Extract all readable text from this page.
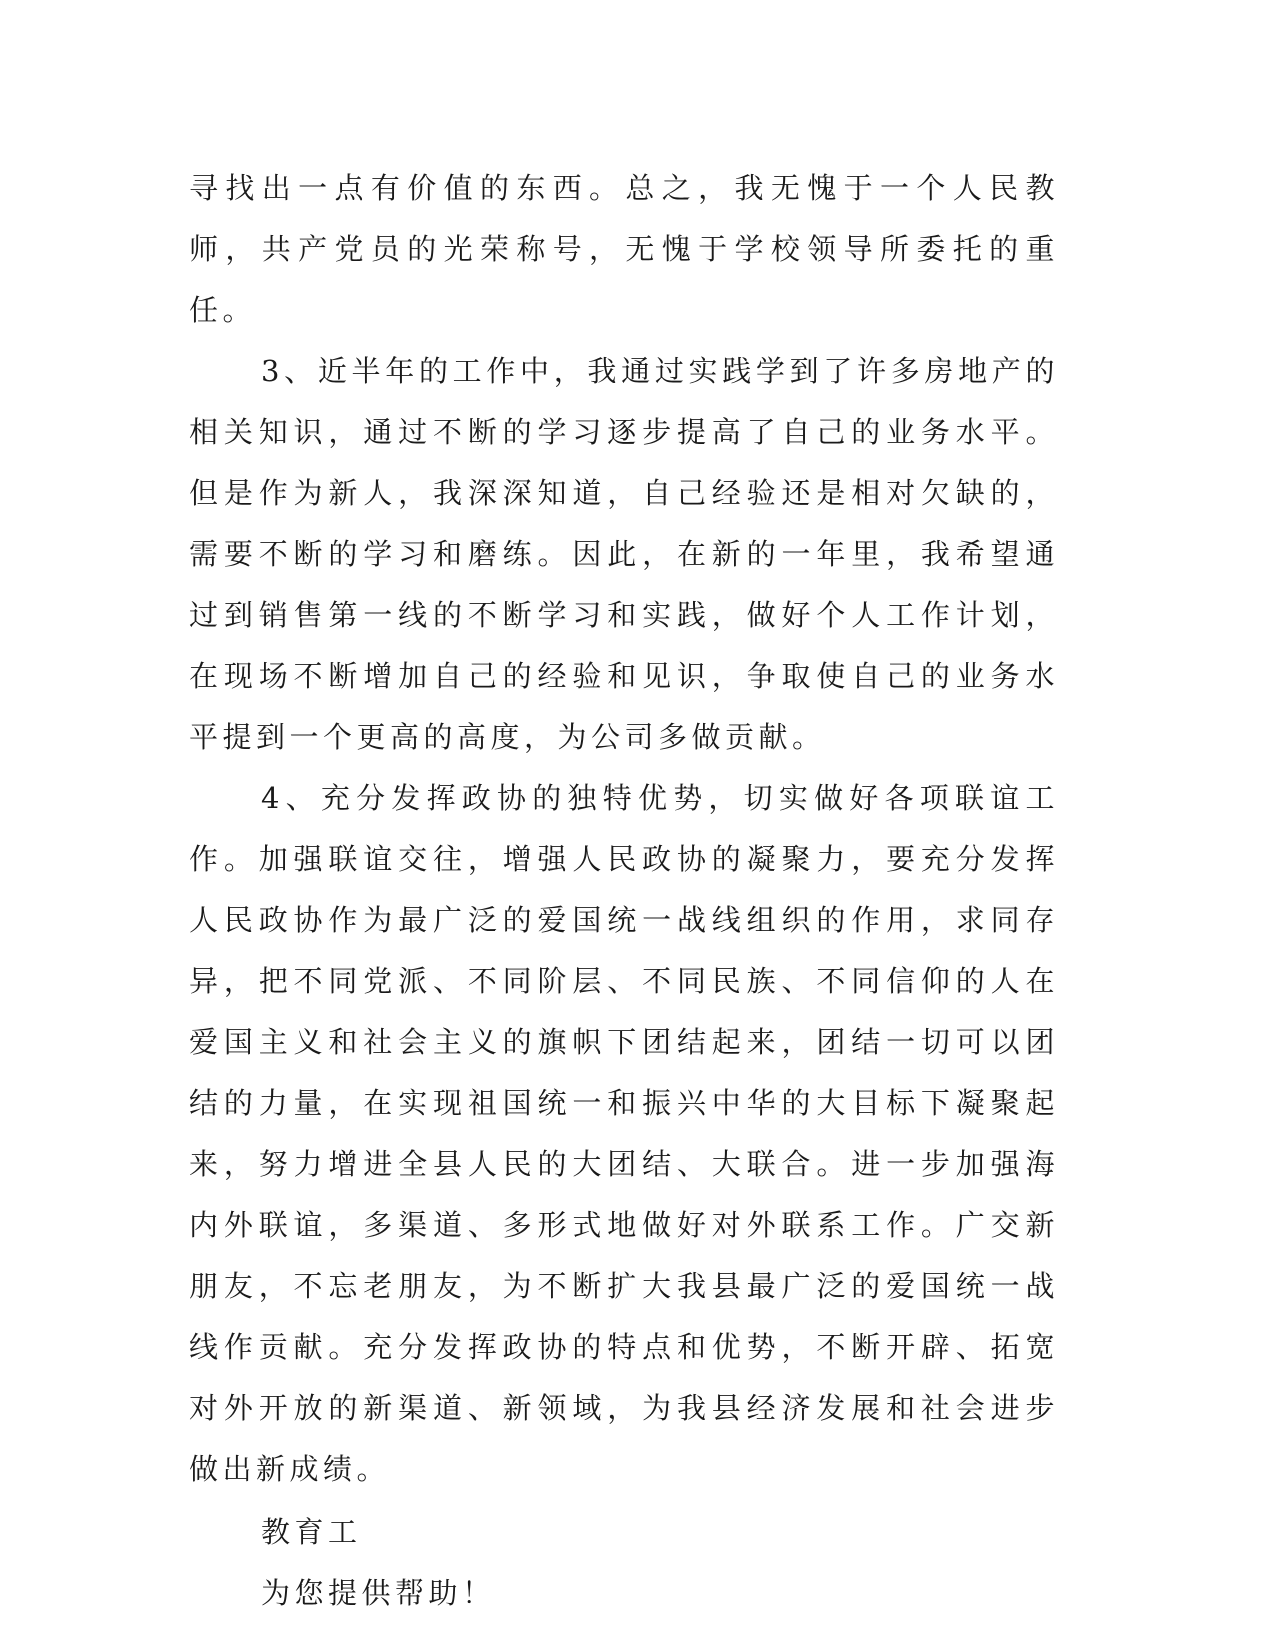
寻找出一点有价值的东西。总之，我无愧于一个人民教师，共产党员的光荣称号，无愧于学校领导所委托的重任。

3、近半年的工作中，我通过实践学到了许多房地产的相关知识，通过不断的学习逐步提高了自己的业务水平。但是作为新人，我深深知道，自己经验还是相对欠缺的，需要不断的学习和磨练。因此，在新的一年里，我希望通过到销售第一线的不断学习和实践，做好个人工作计划，在现场不断增加自己的经验和见识，争取使自己的业务水平提到一个更高的高度，为公司多做贡献。

4、充分发挥政协的独特优势，切实做好各项联谊工作。加强联谊交往，增强人民政协的凝聚力，要充分发挥人民政协作为最广泛的爱国统一战线组织的作用，求同存异，把不同党派、不同阶层、不同民族、不同信仰的人在爱国主义和社会主义的旗帜下团结起来，团结一切可以团结的力量，在实现祖国统一和振兴中华的大目标下凝聚起来，努力增进全县人民的大团结、大联合。进一步加强海内外联谊，多渠道、多形式地做好对外联系工作。广交新朋友，不忘老朋友，为不断扩大我县最广泛的爱国统一战线作贡献。充分发挥政协的特点和优势，不断开辟、拓宽对外开放的新渠道、新领域，为我县经济发展和社会进步做出新成绩。

教育工

为您提供帮助！
